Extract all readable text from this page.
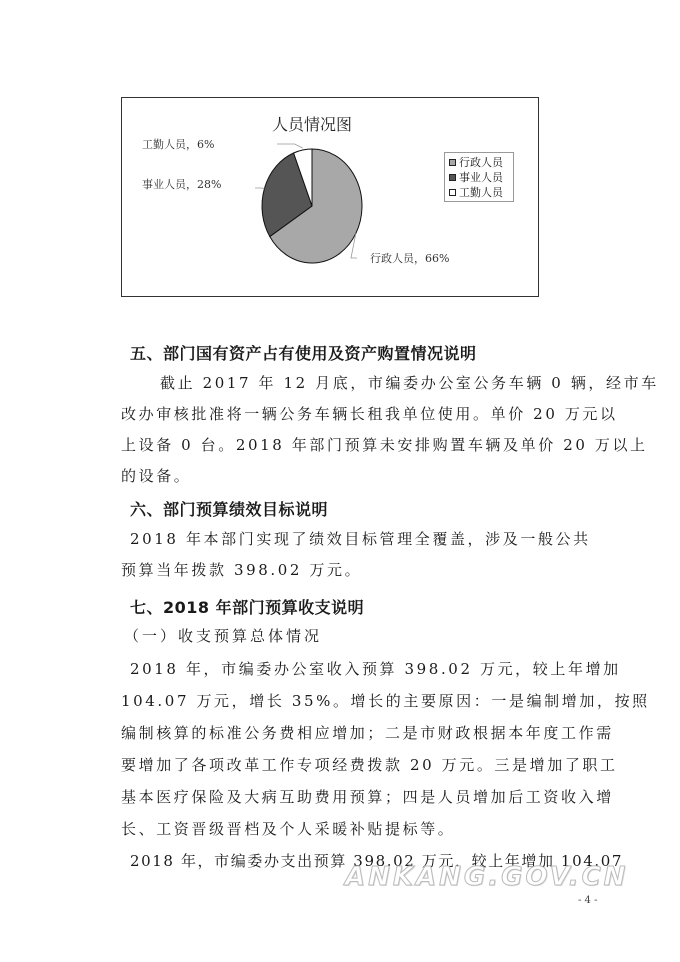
人员情况图
行政人员，66%
事业人员，28%
工勤人员，6%
行政人员
事业人员
工勤人员
五、部门国有资产占有使用及资产购置情况说明
截止 2017 年 12 月底，市编委办公室公务车辆 0 辆，经市车
改办审核批准将一辆公务车辆长租我单位使用。单价 20 万元以
上设备 0 台。2018 年部门预算未安排购置车辆及单价 20 万以上
的设备。
六、部门预算绩效目标说明
2018 年本部门实现了绩效目标管理全覆盖，涉及一般公共
预算当年拨款 398.02 万元。
七、2018 年部门预算收支说明
（一）收支预算总体情况
2018 年，市编委办公室收入预算 398.02 万元，较上年增加
104.07 万元，增长 35%。增长的主要原因：一是编制增加，按照
编制核算的标准公务费相应增加；二是市财政根据本年度工作需
要增加了各项改革工作专项经费拨款 20 万元。三是增加了职工
基本医疗保险及大病互助费用预算；四是人员增加后工资收入增
长、工资晋级晋档及个人采暖补贴提标等。
2018 年，市编委办支出预算 398.02 万元，较上年增加 104.07
ANKANG.GOV.CN
- 4 -
